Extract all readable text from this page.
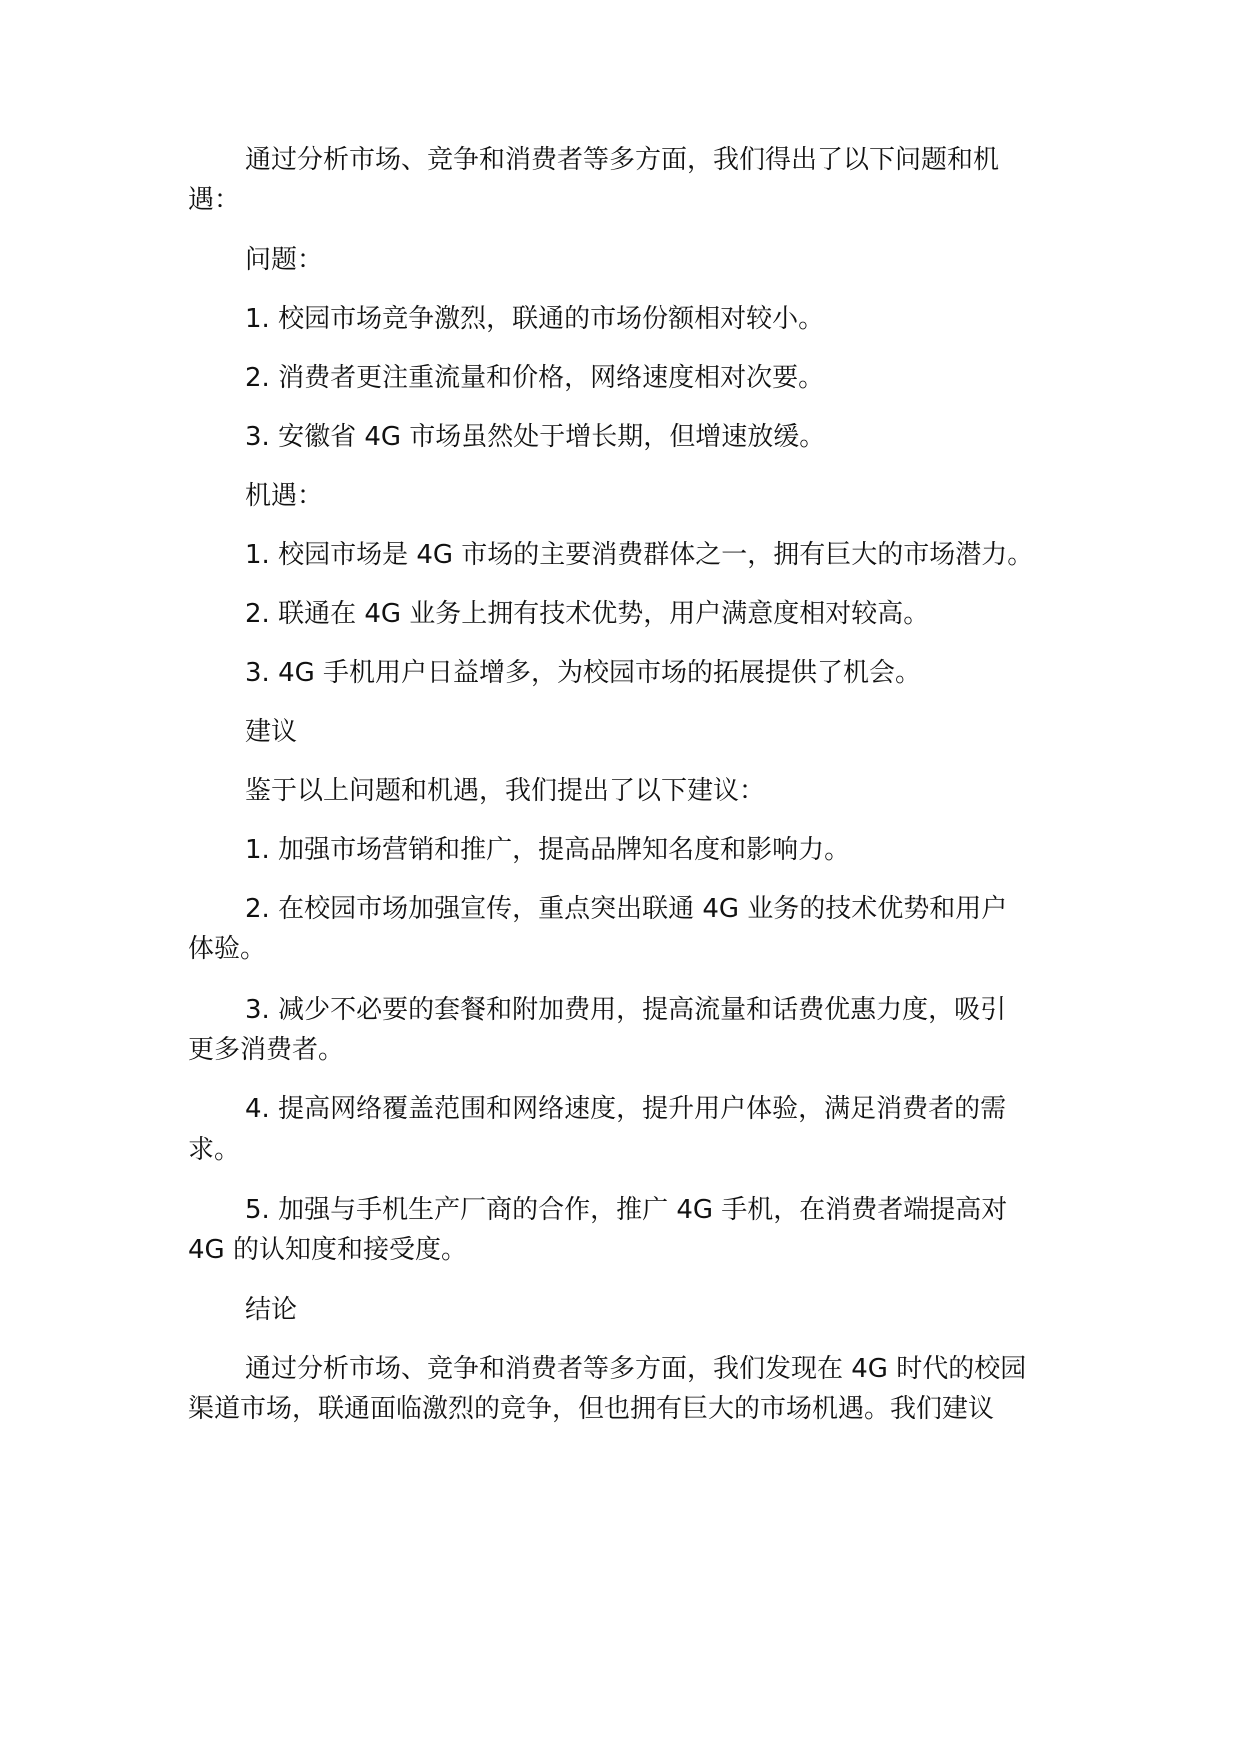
通过分析市场、竞争和消费者等多方面，我们得出了以下问题和机
遇：
问题：
1. 校园市场竞争激烈，联通的市场份额相对较小。
2. 消费者更注重流量和价格，网络速度相对次要。
3. 安徽省 4G 市场虽然处于增长期，但增速放缓。
机遇：
1. 校园市场是 4G 市场的主要消费群体之一，拥有巨大的市场潜力。
2. 联通在 4G 业务上拥有技术优势，用户满意度相对较高。
3. 4G 手机用户日益增多，为校园市场的拓展提供了机会。
建议
鉴于以上问题和机遇，我们提出了以下建议：
1. 加强市场营销和推广，提高品牌知名度和影响力。
2. 在校园市场加强宣传，重点突出联通 4G 业务的技术优势和用户
体验。
3. 减少不必要的套餐和附加费用，提高流量和话费优惠力度，吸引
更多消费者。
4. 提高网络覆盖范围和网络速度，提升用户体验，满足消费者的需
求。
5. 加强与手机生产厂商的合作，推广 4G 手机，在消费者端提高对
4G 的认知度和接受度。
结论
通过分析市场、竞争和消费者等多方面，我们发现在 4G 时代的校园
渠道市场，联通面临激烈的竞争，但也拥有巨大的市场机遇。我们建议
